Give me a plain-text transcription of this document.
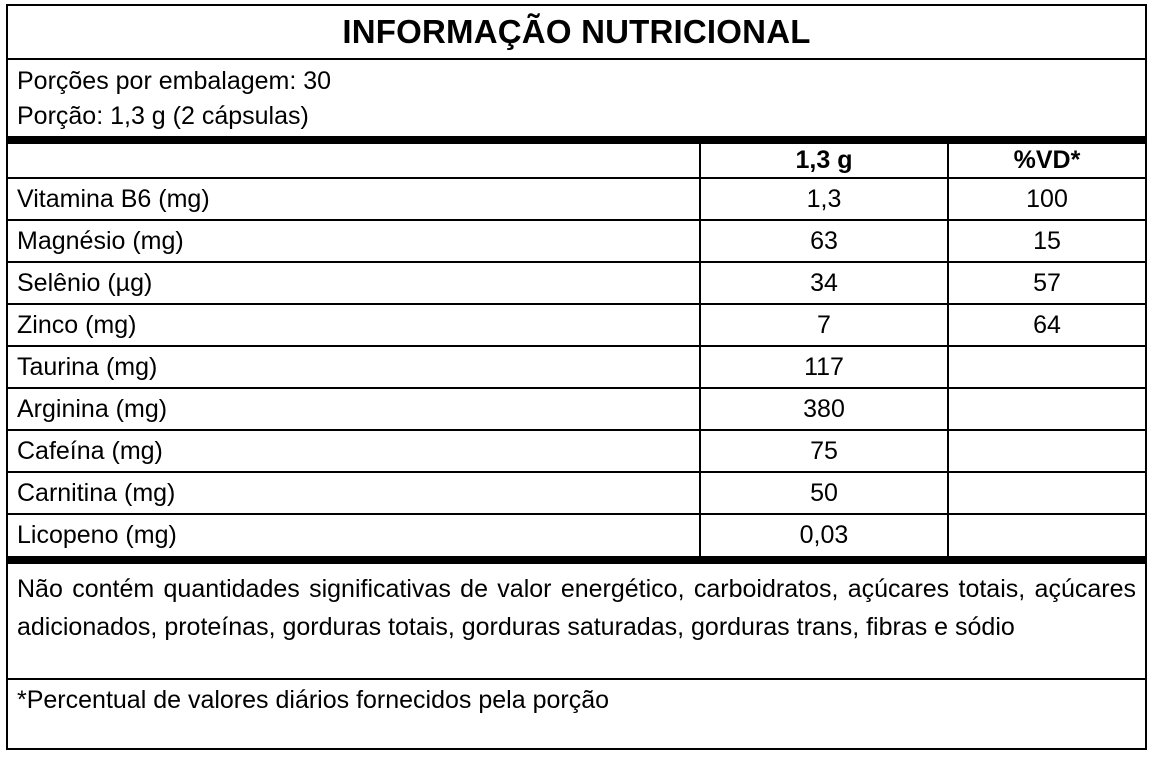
INFORMAÇÃO NUTRICIONAL
Porções por embalagem: 30
Porção: 1,3 g (2 cápsulas)
	1,3 g	%VD*
Vitamina B6 (mg)	1,3	100
Magnésio (mg)	63	15
Selênio (µg)	34	57
Zinco (mg)	7	64
Taurina (mg)	117	
Arginina (mg)	380	
Cafeína (mg)	75	
Carnitina (mg)	50	
Licopeno (mg)	0,03	
Não contém quantidades significativas de valor energético, carboidratos, açúcares totais, açúcares adicionados, proteínas, gorduras totais, gorduras saturadas, gorduras trans, fibras e sódio
*Percentual de valores diários fornecidos pela porção
